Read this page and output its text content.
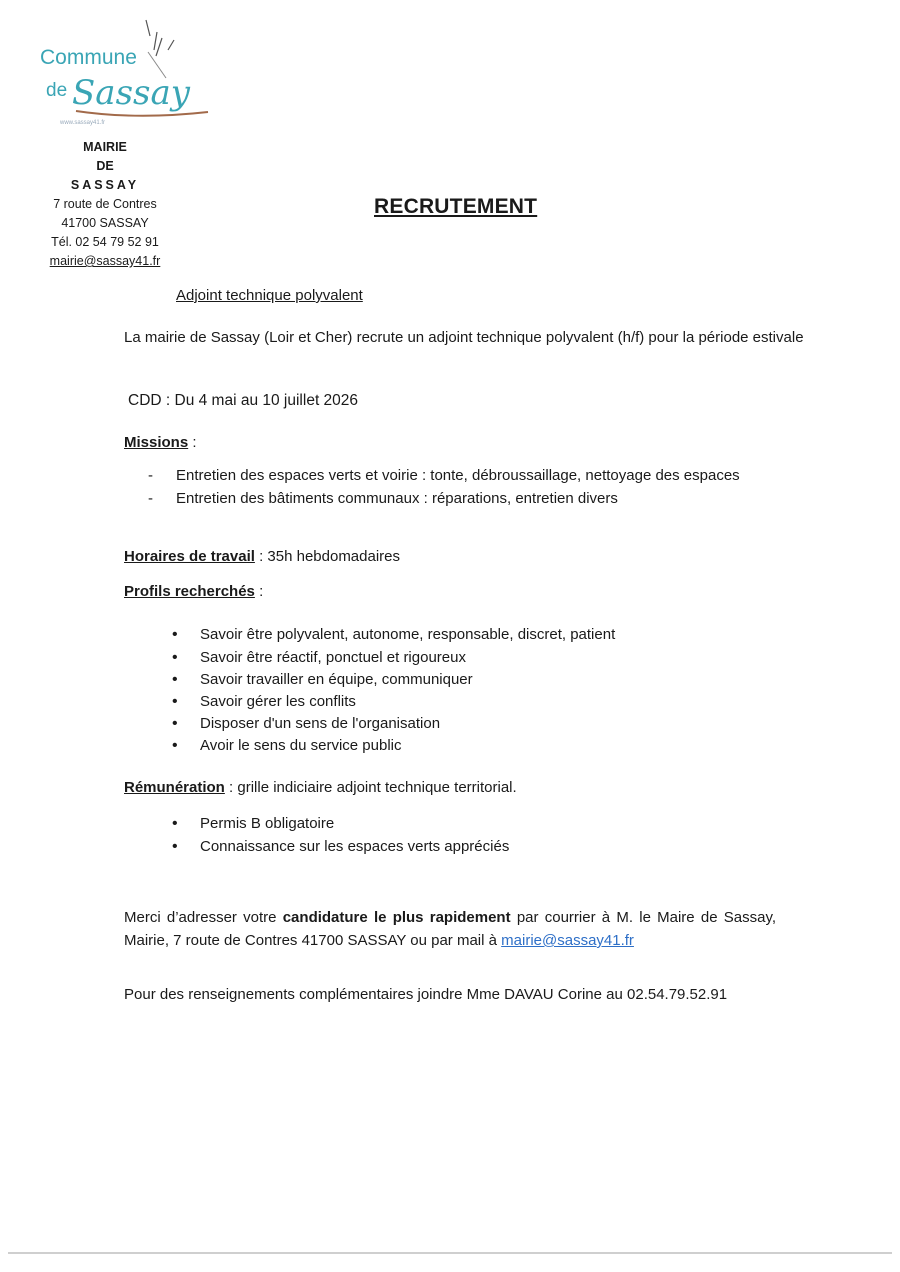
Commune
de Sassay
www.sassay41.fr
MAIRIE
DE
SASSAY
7 route de Contres
41700 SASSAY
Tél. 02 54 79 52 91
mairie@sassay41.fr
RECRUTEMENT
Adjoint technique polyvalent
La mairie de Sassay (Loir et Cher) recrute un adjoint technique polyvalent (h/f) pour la période estivale
CDD : Du 4 mai au 10 juillet 2026
Missions :
- Entretien des espaces verts et voirie : tonte, débroussaillage, nettoyage des espaces
- Entretien des bâtiments communaux : réparations, entretien divers
Horaires de travail : 35h hebdomadaires
Profils recherchés :
• Savoir être polyvalent, autonome, responsable, discret, patient
• Savoir être réactif, ponctuel et rigoureux
• Savoir travailler en équipe, communiquer
• Savoir gérer les conflits
• Disposer d'un sens de l'organisation
• Avoir le sens du service public
Rémunération : grille indiciaire adjoint technique territorial.
• Permis B obligatoire
• Connaissance sur les espaces verts appréciés
Merci d’adresser votre candidature le plus rapidement par courrier à M. le Maire de Sassay, Mairie, 7 route de Contres 41700 SASSAY ou par mail à mairie@sassay41.fr
Pour des renseignements complémentaires joindre Mme DAVAU Corine au 02.54.79.52.91
